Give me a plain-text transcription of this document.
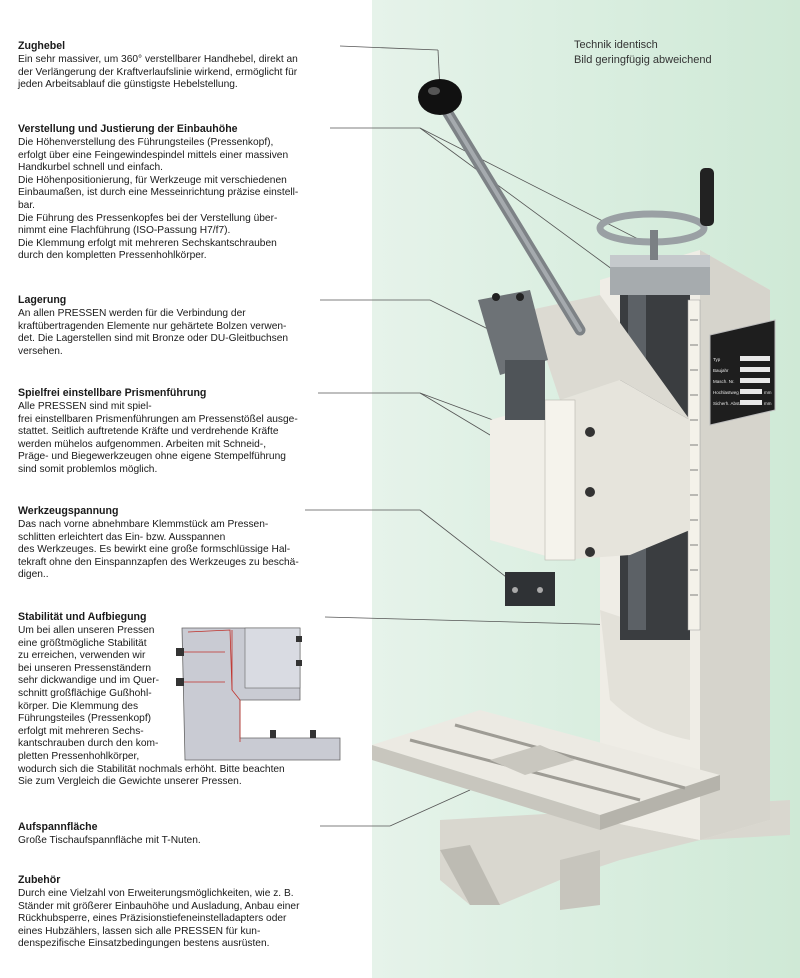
Technik identisch
Bild geringfügig abweichend
Zughebel

Ein sehr massiver, um 360° verstellbarer Handhebel, direkt an
der Verlängerung der Kraftverlaufslinie wirkend, ermöglicht für
jeden Arbeitsablauf die günstigste Hebelstellung.

Verstellung und Justierung der Einbauhöhe

Die Höhenverstellung des Führungsteiles (Pressenkopf),
erfolgt über eine Feingewindespindel mittels einer massiven
Handkurbel schnell und einfach.
Die Höhenpositionierung, für Werkzeuge mit verschiedenen
Einbaumaßen, ist durch eine Messeinrichtung präzise einstell-
bar.
Die Führung des Pressenkopfes bei der Verstellung über-
nimmt eine Flachführung (ISO-Passung H7/f7).
Die Klemmung erfolgt mit mehreren Sechskantschrauben
durch den kompletten Pressenhohlkörper.

Lagerung

An allen PRESSEN werden für die Verbindung der
kraftübertragenden Elemente nur gehärtete Bolzen verwen-
det. Die Lagerstellen sind mit Bronze oder DU-Gleitbuchsen
versehen.

Spielfrei einstellbare Prismenführung

Alle PRESSEN sind mit spiel-
frei einstellbaren Prismenführungen am Pressenstößel ausge-
stattet. Seitlich auftretende Kräfte und verdrehende Kräfte
werden mühelos aufgenommen. Arbeiten mit Schneid-,
Präge- und Biegewerkzeugen ohne eigene Stempelführung
sind somit problemlos möglich.

Werkzeugspannung

Das nach vorne abnehmbare Klemmstück am Pressen-
schlitten erleichtert das Ein- bzw. Ausspannen
des Werkzeuges. Es bewirkt eine große formschlüssige Hal-
tekraft ohne den Einspannzapfen des Werkzeuges zu beschä-
digen..

Stabilität und Aufbiegung

Um bei allen unseren Pressen
eine größtmögliche Stabilität
zu erreichen, verwenden wir
bei unseren Pressenständern
sehr dickwandige und im Quer-
schnitt großflächige Gußhohl-
körper. Die Klemmung des
Führungsteiles (Pressenkopf)
erfolgt mit mehreren Sechs-
kantschrauben durch den kom-
pletten Pressenhohlkörper,
wodurch sich die Stabilität nochmals erhöht. Bitte beachten
Sie zum Vergleich die Gewichte unserer Pressen.

Aufspannfläche

Große Tischaufspannfläche mit T-Nuten.

Zubehör

Durch eine Vielzahl von Erweiterungsmöglichkeiten, wie z. B.
Ständer mit größerer Einbauhöhe und Ausladung, Anbau einer
Rückhubsperre, eines Präzisionstiefeneinstelladapters oder
eines Hubzählers, lassen sich alle PRESSEN für kun-
denspezifische Einsatzbedingungen bestens ausrüsten.

Typ
Baujahr
Masch. Nr.
Hochlastweg
Sicherh. Abstand
mm
mm
